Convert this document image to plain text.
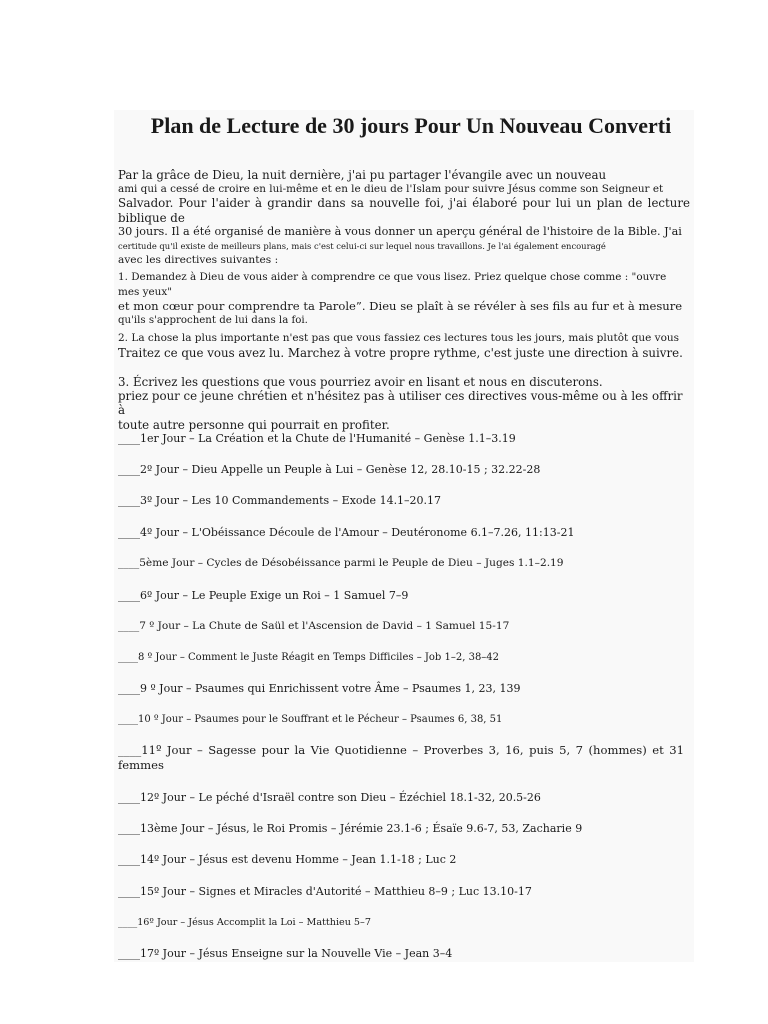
Plan de Lecture de 30 jours Pour Un Nouveau Converti

Par la grâce de Dieu, la nuit dernière, j'ai pu partager l'évangile avec un nouveau

ami qui a cessé de croire en lui-même et en le dieu de l'Islam pour suivre Jésus comme son Seigneur et

Salvador. Pour l'aider à grandir dans sa nouvelle foi, j'ai élaboré pour lui un plan de lecture biblique de

30 jours. Il a été organisé de manière à vous donner un aperçu général de l'histoire de la Bible. J'ai

certitude qu'il existe de meilleurs plans, mais c'est celui-ci sur lequel nous travaillons. Je l'ai également encouragé

avec les directives suivantes :

1. Demandez à Dieu de vous aider à comprendre ce que vous lisez. Priez quelque chose comme : "ouvre mes yeux"

et mon cœur pour comprendre ta Parole”. Dieu se plaît à se révéler à ses fils au fur et à mesure

qu'ils s'approchent de lui dans la foi.

2. La chose la plus importante n'est pas que vous fassiez ces lectures tous les jours, mais plutôt que vous

Traitez ce que vous avez lu. Marchez à votre propre rythme, c'est juste une direction à suivre.

3. Écrivez les questions que vous pourriez avoir en lisant et nous en discuterons.

priez pour ce jeune chrétien et n'hésitez pas à utiliser ces directives vous-même ou à les offrir à

toute autre personne qui pourrait en profiter.

____1er Jour – La Création et la Chute de l'Humanité – Genèse 1.1–3.19
____2º Jour – Dieu Appelle un Peuple à Lui – Genèse 12, 28.10-15 ; 32.22-28
____3º Jour – Les 10 Commandements – Exode 14.1–20.17
____4º Jour – L'Obéissance Découle de l'Amour – Deutéronome 6.1–7.26, 11:13-21
____5ème Jour – Cycles de Désobéissance parmi le Peuple de Dieu – Juges 1.1–2.19
____6º Jour – Le Peuple Exige un Roi – 1 Samuel 7–9
____7 º Jour – La Chute de Saül et l'Ascension de David – 1 Samuel 15-17
____8 º Jour – Comment le Juste Réagit en Temps Difficiles – Job 1–2, 38–42
____9 º Jour – Psaumes qui Enrichissent votre Âme – Psaumes 1, 23, 139
____10 º Jour – Psaumes pour le Souffrant et le Pécheur – Psaumes 6, 38, 51
____11º Jour – Sagesse pour la Vie Quotidienne – Proverbes 3, 16, puis 5, 7 (hommes) et 31 femmes
____12º Jour – Le péché d'Israël contre son Dieu – Ézéchiel 18.1-32, 20.5-26
____13ème Jour – Jésus, le Roi Promis – Jérémie 23.1-6 ; Ésaïe 9.6-7, 53, Zacharie 9
____14º Jour – Jésus est devenu Homme – Jean 1.1-18 ; Luc 2
____15º Jour – Signes et Miracles d'Autorité – Matthieu 8–9 ; Luc 13.10-17
____16º Jour – Jésus Accomplit la Loi – Matthieu 5–7
____17º Jour – Jésus Enseigne sur la Nouvelle Vie – Jean 3–4
